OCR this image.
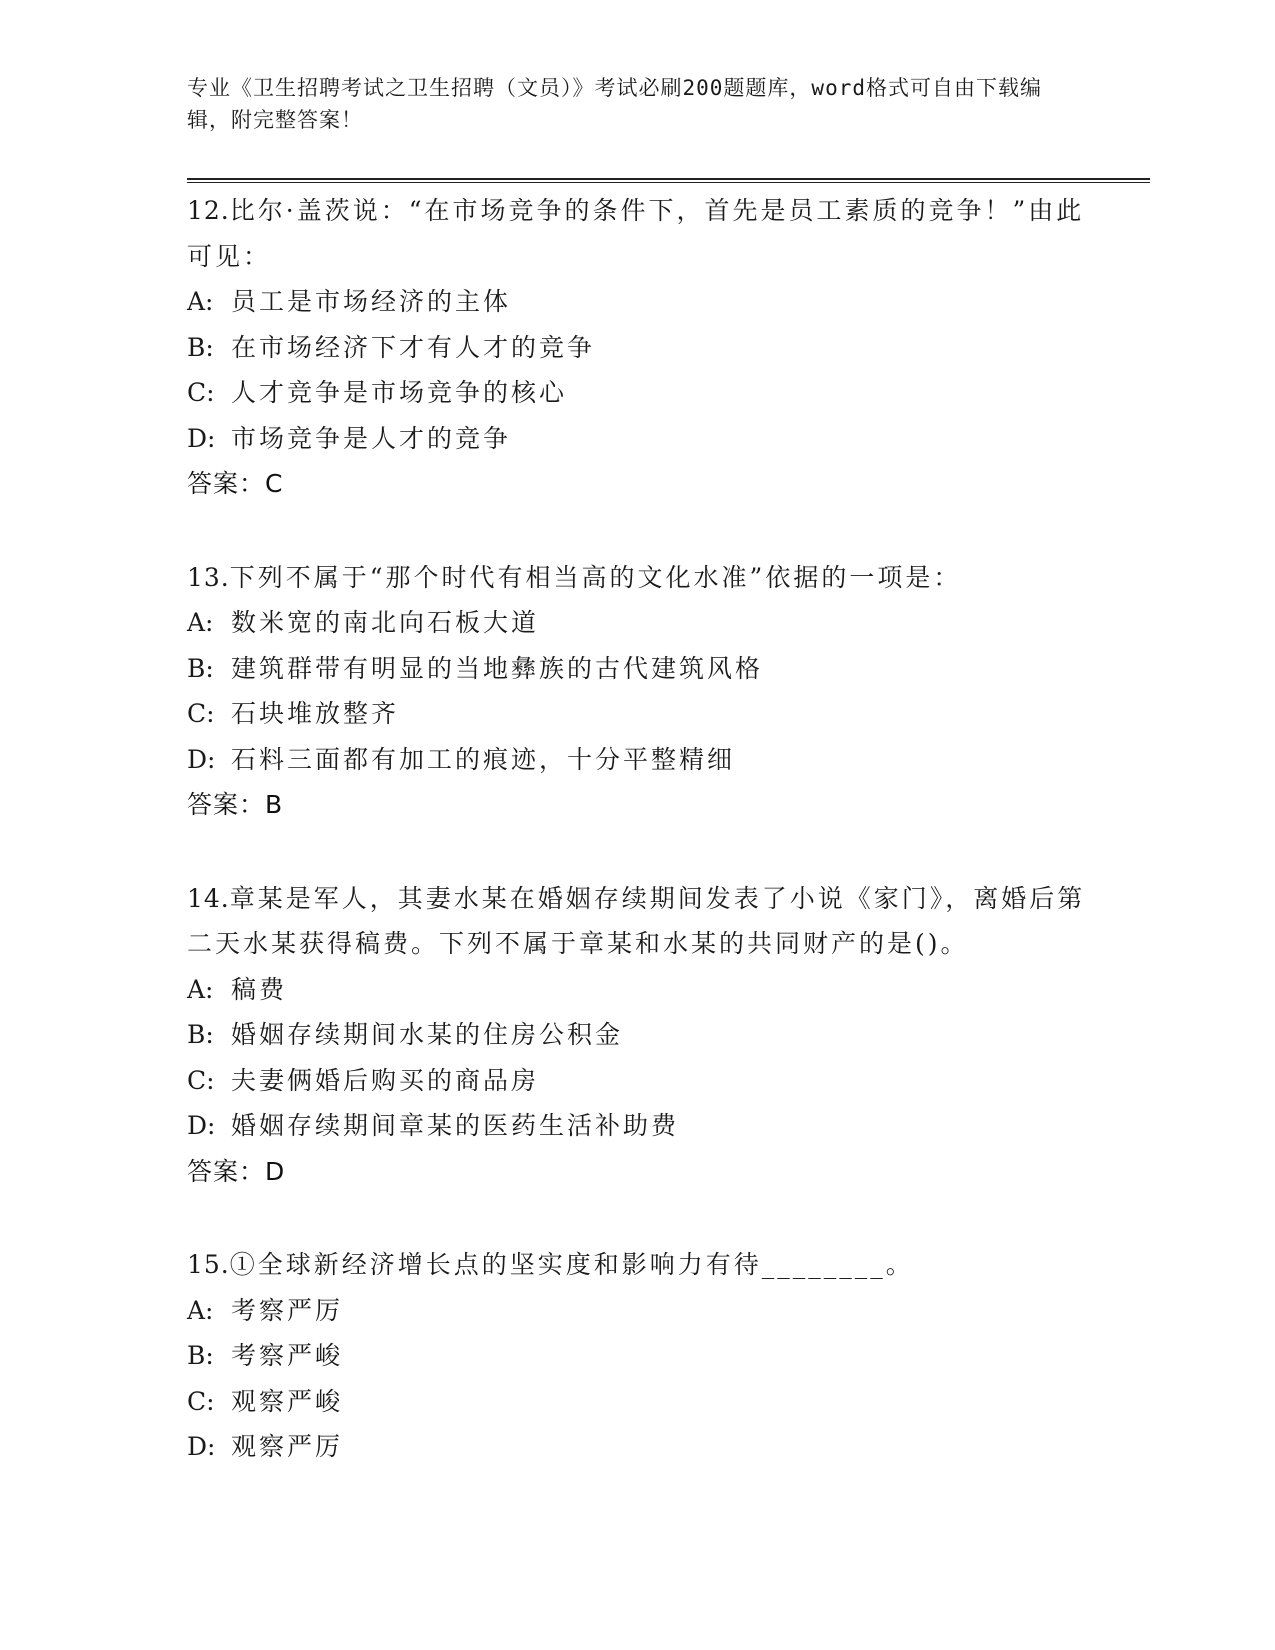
专业《卫生招聘考试之卫生招聘（文员）》考试必刷200题题库，word格式可自由下载编辑，附完整答案！
12.比尔·盖茨说：“在市场竞争的条件下，首先是员工素质的竞争！”由此可见：
A: 员工是市场经济的主体
B: 在市场经济下才有人才的竞争
C: 人才竞争是市场竞争的核心
D: 市场竞争是人才的竞争
答案：C
13.下列不属于“那个时代有相当高的文化水准”依据的一项是：
A: 数米宽的南北向石板大道
B: 建筑群带有明显的当地彝族的古代建筑风格
C: 石块堆放整齐
D: 石料三面都有加工的痕迹，十分平整精细
答案：B
14.章某是军人，其妻水某在婚姻存续期间发表了小说《家门》，离婚后第二天水某获得稿费。下列不属于章某和水某的共同财产的是()。
A: 稿费
B: 婚姻存续期间水某的住房公积金
C: 夫妻俩婚后购买的商品房
D: 婚姻存续期间章某的医药生活补助费
答案：D
15.①全球新经济增长点的坚实度和影响力有待________。
A: 考察严厉
B: 考察严峻
C: 观察严峻
D: 观察严厉
